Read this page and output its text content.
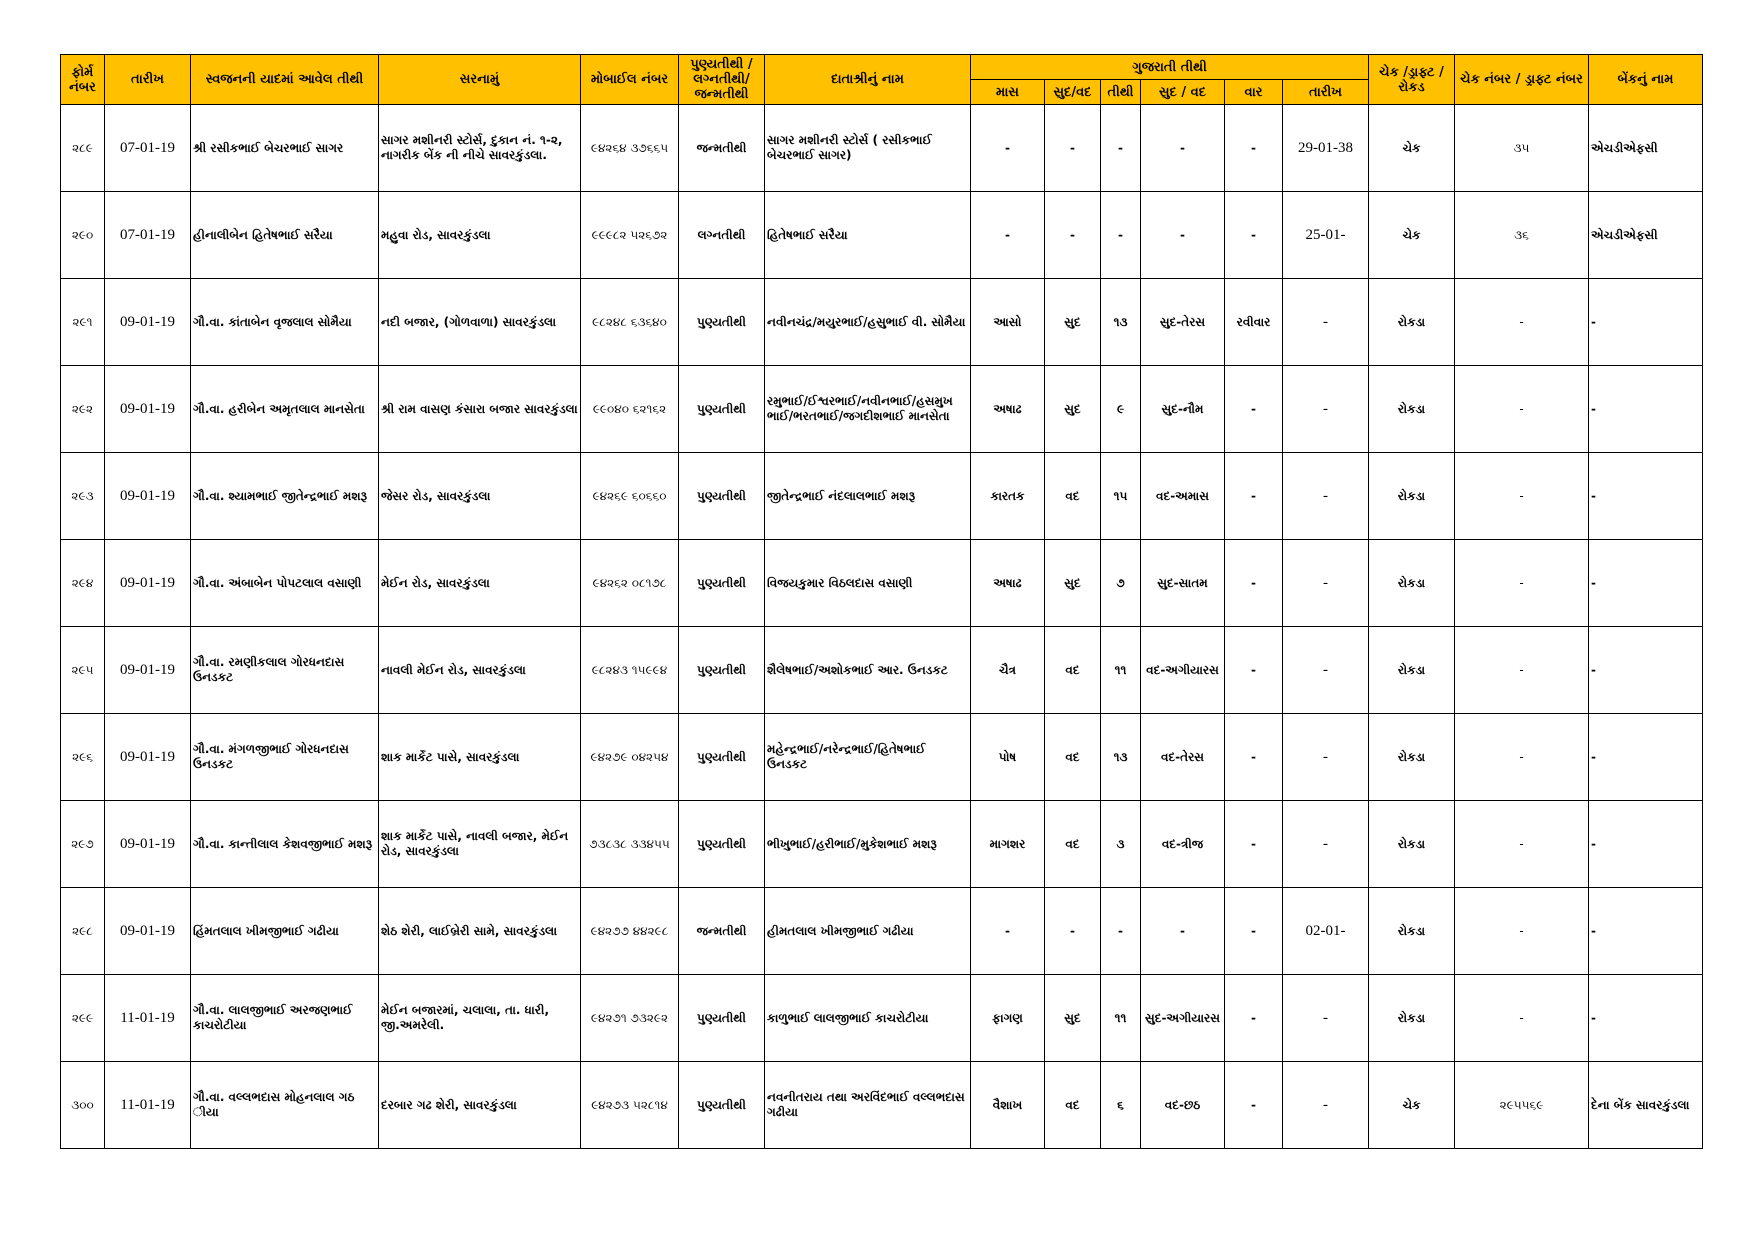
ફોર્મ નંબર	તારીખ	સ્વજનની યાદમાં આવેલ તીથી	સરનામું	મોબાઈલ નંબર	પુણ્યતીથી / લગ્નતીથી/ જન્મતીથી	દાતાશ્રીનું નામ	ગુજરાતી તીથી						ચેક /ડ્રાફ્ટ / રોકડ	ચેક નંબર / ડ્રાફ્ટ નંબર	બેંકનું નામ
							માસ	સુદ/વદ	તીથી	સુદ / વદ	વાર	તારીખ			
૨૮૯	07-01-19	શ્રી રસીકભાઈ બેચરભાઈ સાગર	સાગર મશીનરી સ્ટોર્સ, દુકાન નં. ૧-૨, નાગરીક બેંક ની નીચે સાવરકુંડલા.	૯૪૨૬૪ ૩૭૬૬૫	જન્મતીથી	સાગર મશીનરી સ્ટોર્સ ( રસીકભાઈ બેચરભાઈ સાગર)	-	-	-	-	-	29-01-38	ચેક	૩૫	એચડીએફસી
૨૯૦	07-01-19	હીનાલીબેન હિતેષભાઈ સરૈયા	મહુવા રોડ, સાવરકુંડલા	૯૯૯૮૨ ૫૨૬૭૨	લગ્નતીથી	હિતેષભાઈ સરૈયા	-	-	-	-	-	25-01-	ચેક	૩૬	એચડીએફસી
૨૯૧	09-01-19	ગૌ.વા. કાંતાબેન વૃજલાલ સોમૈયા	નદી બજાર, (ગોળવાળા) સાવરકુંડલા	૯૮૨૪૮ ૬૩૬૪૦	પુણ્યતીથી	નવીનચંદ્ર/મયુરભાઈ/હસુભાઈ વી. સોમૈયા	આસો	સુદ	૧૩	સુદ-તેરસ	રવીવાર	-	રોકડા	-	-
૨૯૨	09-01-19	ગૌ.વા. હરીબેન અમૃતલાલ માનસેતા	શ્રી રામ વાસણ કંસારા બજાર સાવરકુંડલા	૯૯૦૪૦ ૬૨૧૬૨	પુણ્યતીથી	રમુભાઈ/ઈશ્વરભાઈ/નવીનભાઈ/હસમુખ ભાઈ/ભરતભાઈ/જગદીશભાઈ માનસેતા	અષાઢ	સુદ	૯	સુદ-નૌમ	-	-	રોકડા	-	-
૨૯૩	09-01-19	ગૌ.વા. શ્યામભાઈ જીતેન્દ્રભાઈ મશરૂ	જેસર રોડ, સાવરકુંડલા	૯૪૨૬૯ ૬૦૬૬૦	પુણ્યતીથી	જીતેન્દ્રભાઈ નંદલાલભાઈ મશરૂ	કારતક	વદ	૧૫	વદ-અમાસ	-	-	રોકડા	-	-
૨૯૪	09-01-19	ગૌ.વા. અંબાબેન પોપટલાલ વસાણી	મેઈન રોડ, સાવરકુંડલા	૯૪૨૬૨ ૦૮૧૭૮	પુણ્યતીથી	વિજયકુમાર વિઠલદાસ વસાણી	અષાઢ	સુદ	૭	સુદ-સાતમ	-	-	રોકડા	-	-
૨૯૫	09-01-19	ગૌ.વા. રમણીકલાલ ગોરધનદાસ ઉનડકટ	નાવલી મેઈન રોડ, સાવરકુંડલા	૯૮૨૪૩ ૧૫૯૯૪	પુણ્યતીથી	શૈલેષભાઈ/અશોકભાઈ આર. ઉનડકટ	ચૈત્ર	વદ	૧૧	વદ-અગીયારસ	-	-	રોકડા	-	-
૨૯૬	09-01-19	ગૌ.વા. મંગળજીભાઈ ગોરધનદાસ ઉનડકટ	શાક માર્કેટ પાસે, સાવરકુંડલા	૯૪૨૭૯ ૦૪૨૫૪	પુણ્યતીથી	મહેન્દ્રભાઈ/નરેન્દ્રભાઈ/હિતેષભાઈ ઉનડકટ	પોષ	વદ	૧૩	વદ-તેરસ	-	-	રોકડા	-	-
૨૯૭	09-01-19	ગૌ.વા. કાન્તીલાલ કેશવજીભાઈ મશરૂ	શાક માર્કેટ પાસે, નાવલી બજાર, મેઈન રોડ, સાવરકુંડલા	૭૩૮૩૮ ૩૩૪૫૫	પુણ્યતીથી	ભીખુભાઈ/હરીભાઈ/મુકેશભાઈ મશરૂ	માગશર	વદ	૩	વદ-ત્રીજ	-	-	રોકડા	-	-
૨૯૮	09-01-19	હિંમતલાલ ખીમજીભાઈ ગઢીયા	શેઠ શેરી, લાઈબ્રેરી સામે, સાવરકુંડલા	૯૪૨૭૭ ૪૪૨૯૮	જન્મતીથી	હીમતલાલ ખીમજીભાઈ ગઢીયા	-	-	-	-	-	02-01-	રોકડા	-	-
૨૯૯	11-01-19	ગૌ.વા. લાલજીભાઈ અરજણભાઈ કાચરોટીયા	મેઈન બજારમાં, ચલાલા, તા. ધારી, જી.અમરેલી.	૯૪૨૭૧ ૭૩૨૯૨	પુણ્યતીથી	કાળુભાઈ લાલજીભાઈ કાચરોટીયા	ફાગણ	સુદ	૧૧	સુદ-અગીયારસ	-	-	રોકડા	-	-
૩૦૦	11-01-19	ગૌ.વા. વલ્લભદાસ મોહનલાલ ગઠ ીયા	દરબાર ગઢ શેરી, સાવરકુંડલા	૯૪૨૭૩ ૫૨૮૧૪	પુણ્યતીથી	નવનીતરાય તથા અરવિંદભાઈ વલ્લભદાસ ગઢીયા	વૈશાખ	વદ	૬	વદ-છઠ	-	-	ચેક	૨૯૫૫૬૯	દેના બેંક સાવરકુંડલા
